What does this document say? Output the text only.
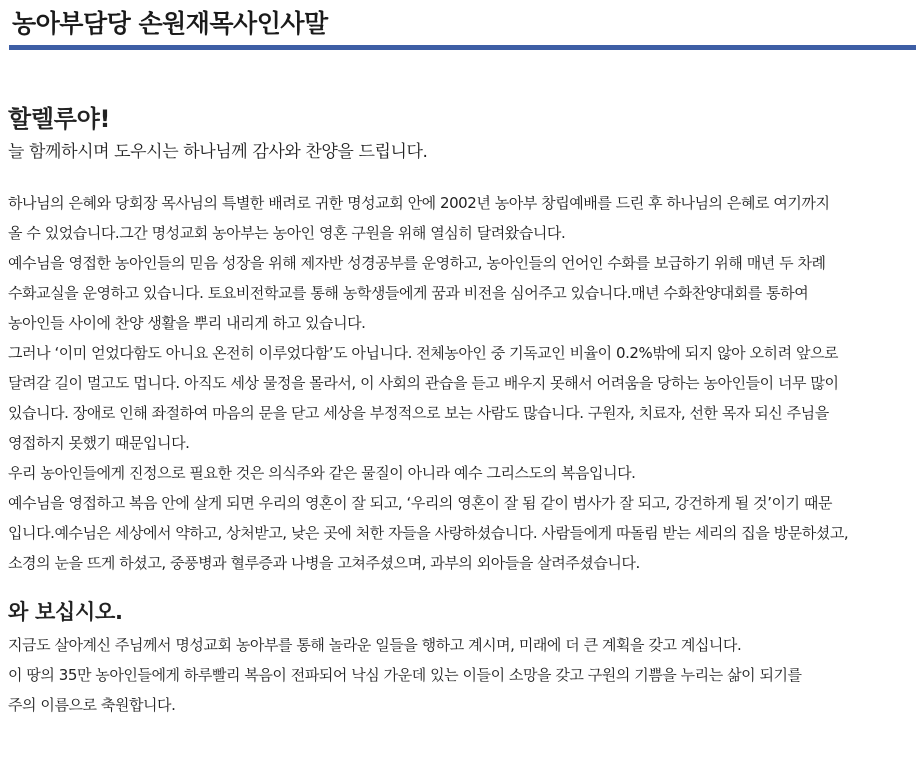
농아부담당 손원재목사인사말
할렐루야!

늘 함께하시며 도우시는 하나님께 감사와 찬양을 드립니다.

하나님의 은혜와 당회장 목사님의 특별한 배려로 귀한 명성교회 안에 2002년 농아부 창립예배를 드린 후 하나님의 은혜로 여기까지
올 수 있었습니다.그간 명성교회 농아부는 농아인 영혼 구원을 위해 열심히 달려왔습니다.
예수님을 영접한 농아인들의 믿음 성장을 위해 제자반 성경공부를 운영하고, 농아인들의 언어인 수화를 보급하기 위해 매년 두 차례
수화교실을 운영하고 있습니다. 토요비전학교를 통해 농학생들에게 꿈과 비전을 심어주고 있습니다.매년 수화찬양대회를 통하여
농아인들 사이에 찬양 생활을 뿌리 내리게 하고 있습니다.
그러나 ‘이미 얻었다함도 아니요 온전히 이루었다함’도 아닙니다. 전체농아인 중 기독교인 비율이 0.2%밖에 되지 않아 오히려 앞으로
달려갈 길이 멀고도 멉니다. 아직도 세상 물정을 몰라서, 이 사회의 관습을 듣고 배우지 못해서 어려움을 당하는 농아인들이 너무 많이
있습니다. 장애로 인해 좌절하여 마음의 문을 닫고 세상을 부정적으로 보는 사람도 많습니다. 구원자, 치료자, 선한 목자 되신 주님을
영접하지 못했기 때문입니다.
우리 농아인들에게 진정으로 필요한 것은 의식주와 같은 물질이 아니라 예수 그리스도의 복음입니다.
예수님을 영접하고 복음 안에 살게 되면 우리의 영혼이 잘 되고, ‘우리의 영혼이 잘 됨 같이 범사가 잘 되고, 강건하게 될 것’이기 때문
입니다.예수님은 세상에서 약하고, 상처받고, 낮은 곳에 처한 자들을 사랑하셨습니다. 사람들에게 따돌림 받는 세리의 집을 방문하셨고,
소경의 눈을 뜨게 하셨고, 중풍병과 혈루증과 나병을 고쳐주셨으며, 과부의 외아들을 살려주셨습니다.

와 보십시오.

지금도 살아계신 주님께서 명성교회 농아부를 통해 놀라운 일들을 행하고 계시며, 미래에 더 큰 계획을 갖고 계십니다.
이 땅의 35만 농아인들에게 하루빨리 복음이 전파되어 낙심 가운데 있는 이들이 소망을 갖고 구원의 기쁨을 누리는 삶이 되기를
주의 이름으로 축원합니다.
